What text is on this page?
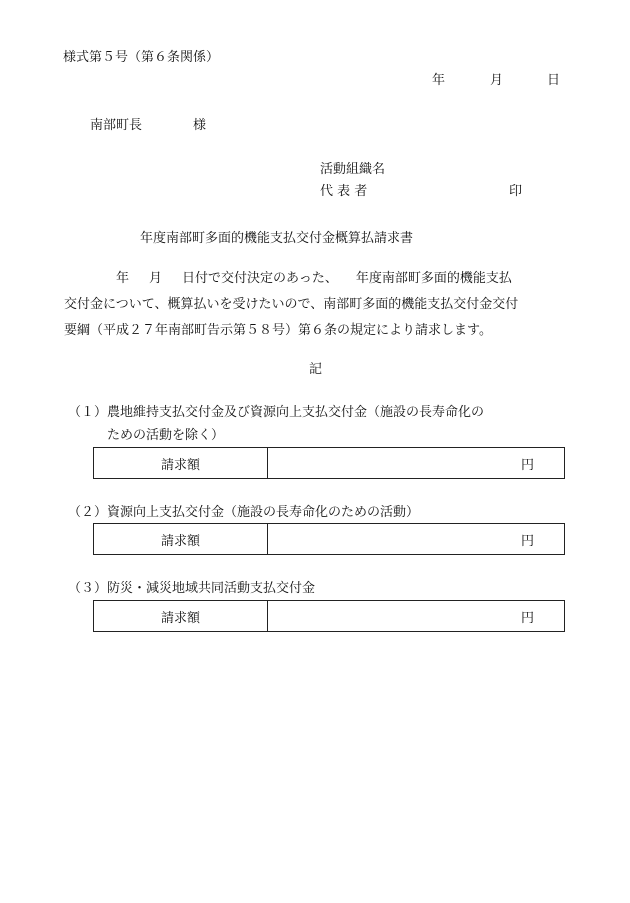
様式第５号（第６条関係）
年	月	日
南部町長	様
活動組織名
代 表 者	印
年度南部町多面的機能支払交付金概算払請求書
年 月 日付で交付決定のあった、 年度南部町多面的機能支払
交付金について、概算払いを受けたいので、南部町多面的機能支払交付金交付
要綱（平成２７年南部町告示第５８号）第６条の規定により請求します。
記
（１）農地維持支払交付金及び資源向上支払交付金（施設の長寿命化の
ための活動を除く）
請求額	円
（２）資源向上支払交付金（施設の長寿命化のための活動）
請求額	円
（３）防災・減災地域共同活動支払交付金
請求額	円
